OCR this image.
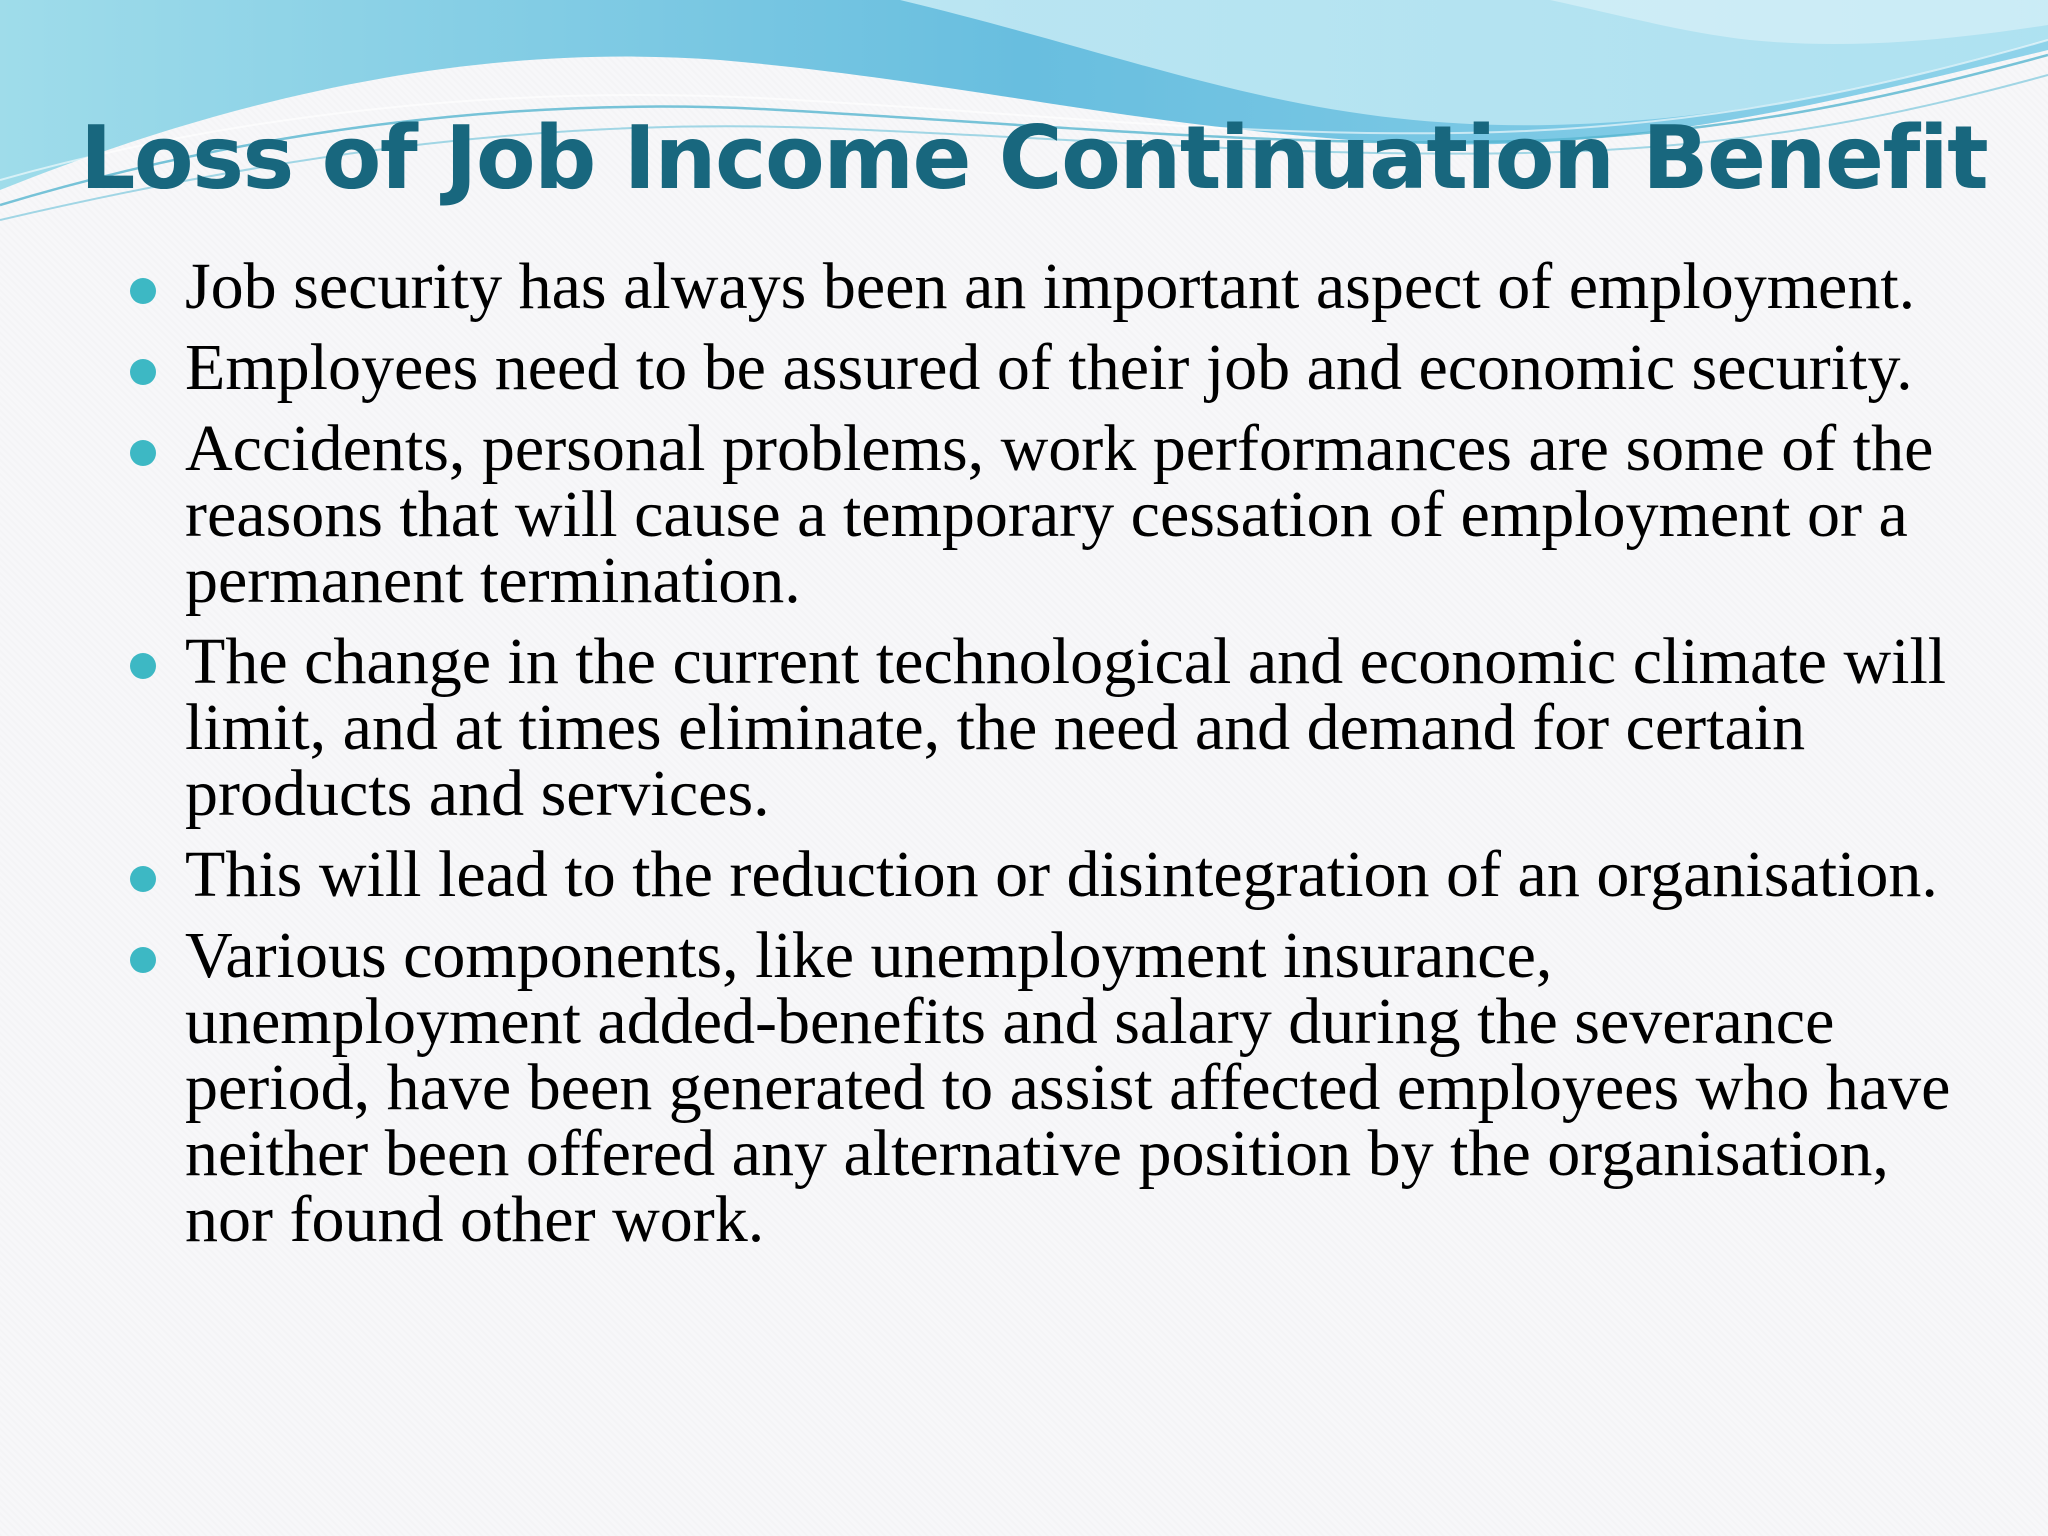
Loss of Job Income Continuation Benefit
Job security has always been an important aspect of employment.
Employees need to be assured of their job and economic security.
Accidents, personal problems, work performances are some of the reasons that will cause a temporary cessation of employment or a permanent termination.
The change in the current technological and economic climate will limit, and at times eliminate, the need and demand for certain products and services.
This will lead to the reduction or disintegration of an organisation.
Various components, like unemployment insurance, unemployment added-benefits and salary during the severance period, have been generated to assist affected employees who have neither been offered any alternative position by the organisation, nor found other work.
